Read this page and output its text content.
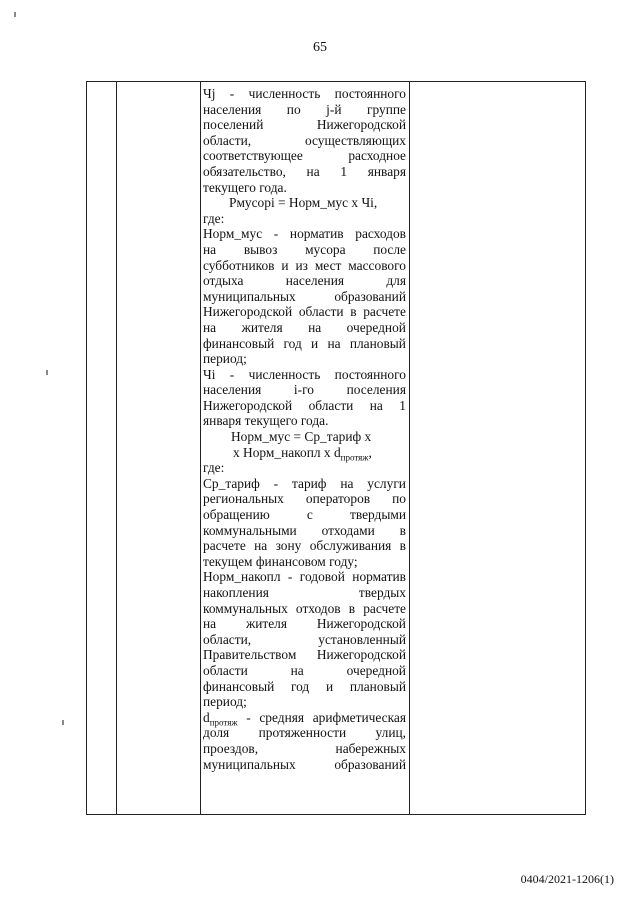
65
Чj - численность постоянного
населения по j-й группе
поселений	Нижегородской
области,	осуществляющих
соответствующее	расходное
обязательство, на 1 января
текущего года.
Рмусорi = Норм_мус х Чi,
где:
Норм_мус - норматив расходов
на вывоз мусора после
субботников и из мест массового
отдыха	населения	для
муниципальных	образований
Нижегородской области в расчете
на жителя на очередной
финансовый год и на плановый
период;
Чi - численность постоянного
населения i-го поселения
Нижегородской области на 1
января текущего года.
Норм_мус = Ср_тариф х
х Норм_накопл х $d_{протяж}$,
где:
Ср_тариф - тариф на услуги
региональных операторов по
обращению	с	твердыми
коммунальными отходами в
расчете на зону обслуживания в
текущем финансовом году;
Норм_накопл - годовой норматив
накопления	твердых
коммунальных отходов в расчете
на жителя Нижегородской
области,	установленный
Правительством Нижегородской
области	на	очередной
финансовый год и плановый
период;
$d_{протяж}$ - средняя арифметическая
доля протяженности улиц,
проездов,	набережных
муниципальных	образований
0404/2021-1206(1)
